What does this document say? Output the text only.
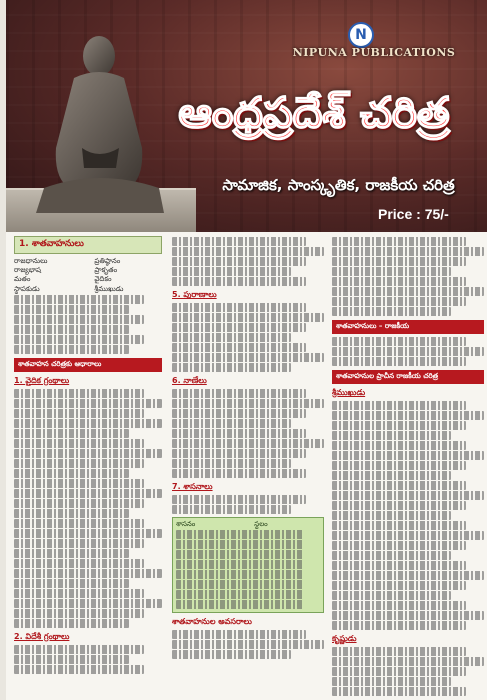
N
NIPUNA PUBLICATIONS
ఆంధ్రప్రదేశ్ చరిత్ర
సామాజిక, సాంస్కృతిక, రాజకీయ చరిత్ర
Price : 75/-
1. శాతవాహనులు
రాజధానులు	ప్రతిష్ఠానం
రాజ్యభాష	ప్రాకృతం
మతం	వైదికం
స్థాపకుడు	శ్రీముఖుడు
శాతవాహన చరిత్రకు ఆధారాలు
1. వైదిక గ్రంథాలు
2. విదేశీ గ్రంథాలు
5. పురాణాలు
6. నాణేలు
7. శాసనాలు
శాసనం	స్థలం
శాతవాహనుల అవసరాలు
శాతవాహనులు – రాజకీయ
శాతవాహనుల ప్రాచీన రాజకీయ చరిత్ర
శ్రీముఖుడు
కృష్ణుడు
